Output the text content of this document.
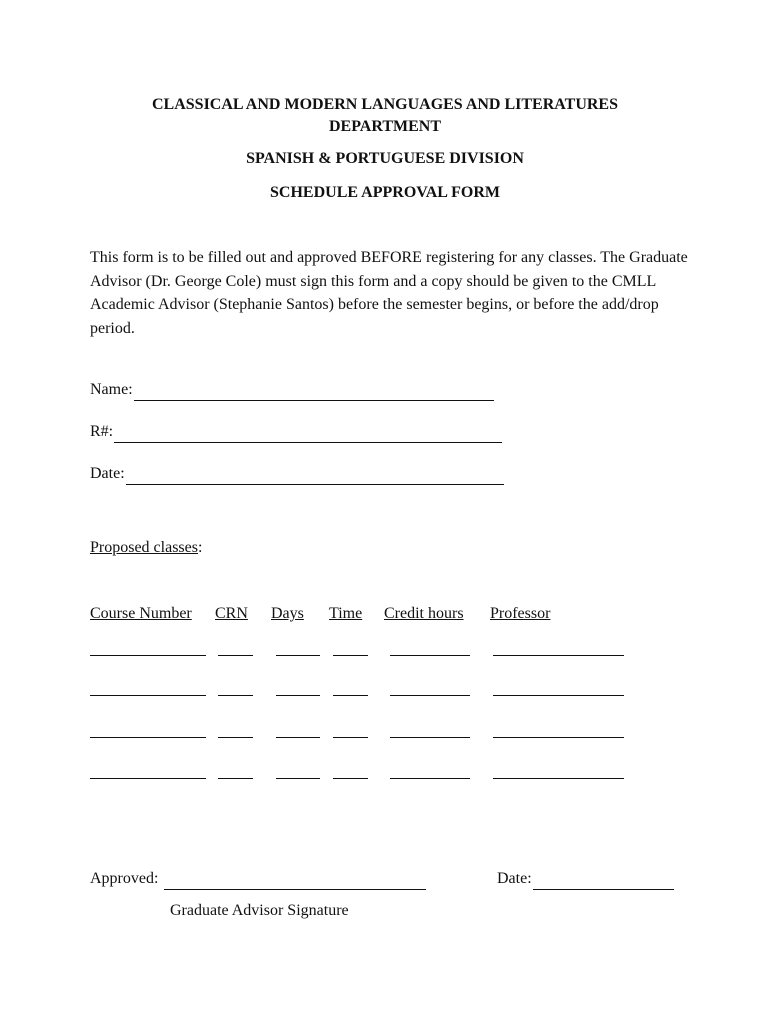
CLASSICAL AND MODERN LANGUAGES AND LITERATURES
DEPARTMENT
SPANISH & PORTUGUESE DIVISION
SCHEDULE APPROVAL FORM

This form is to be filled out and approved BEFORE registering for any classes. The Graduate Advisor (Dr. George Cole) must sign this form and a copy should be given to the CMLL Academic Advisor (Stephanie Santos) before the semester begins, or before the add/drop period.

Name:
R#:
Date:
Proposed classes:
Course Number CRN Days Time Credit hours Professor
Approved:
Graduate Advisor Signature
Date:
